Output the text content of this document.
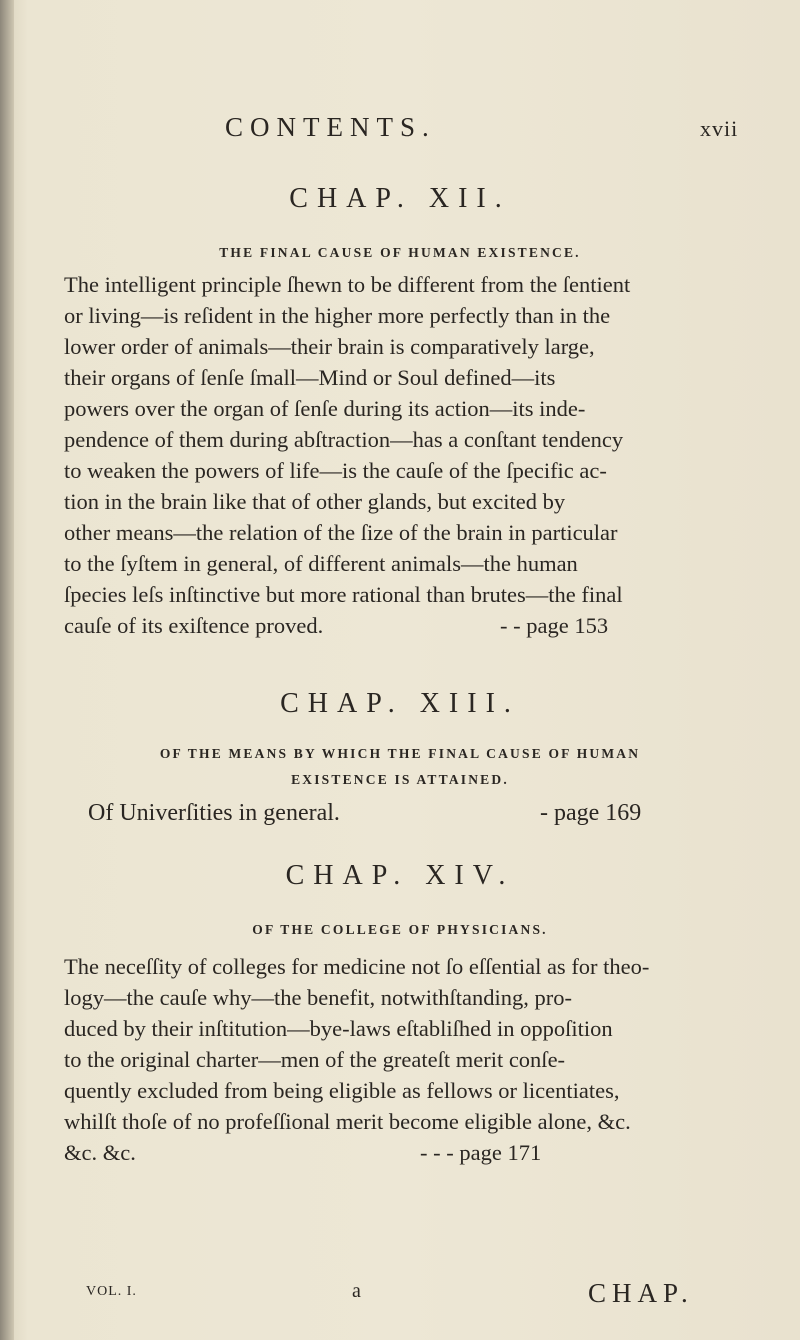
CONTENTS.	xvii
CHAP. XII.
THE FINAL CAUSE OF HUMAN EXISTENCE.
The intelligent principle ſhewn to be different from the ſentient
or living—is reſident in the higher more perfectly than in the
lower order of animals—their brain is comparatively large,
their organs of ſenſe ſmall—Mind or Soul defined—its
powers over the organ of ſenſe during its action—its inde-
pendence of them during abſtraction—has a conſtant tendency
to weaken the powers of life—is the cauſe of the ſpecific ac-
tion in the brain like that of other glands, but excited by
other means—the relation of the ſize of the brain in particular
to the ſyſtem in general, of different animals—the human
ſpecies leſs inſtinctive but more rational than brutes—the final
cauſe of its exiſtence proved.	- - page 153
CHAP. XIII.
OF THE MEANS BY WHICH THE FINAL CAUSE OF HUMAN
EXISTENCE IS ATTAINED.
Of Univerſities in general.	- page 169
CHAP. XIV.
OF THE COLLEGE OF PHYSICIANS.
The neceſſity of colleges for medicine not ſo eſſential as for theo-
logy—the cauſe why—the benefit, notwithſtanding, pro-
duced by their inſtitution—bye-laws eſtabliſhed in oppoſition
to the original charter—men of the greateſt merit conſe-
quently excluded from being eligible as fellows or licentiates,
whilſt thoſe of no profeſſional merit become eligible alone, &c.
&c. &c.	- - - page 171
VOL. I.	a	CHAP.
